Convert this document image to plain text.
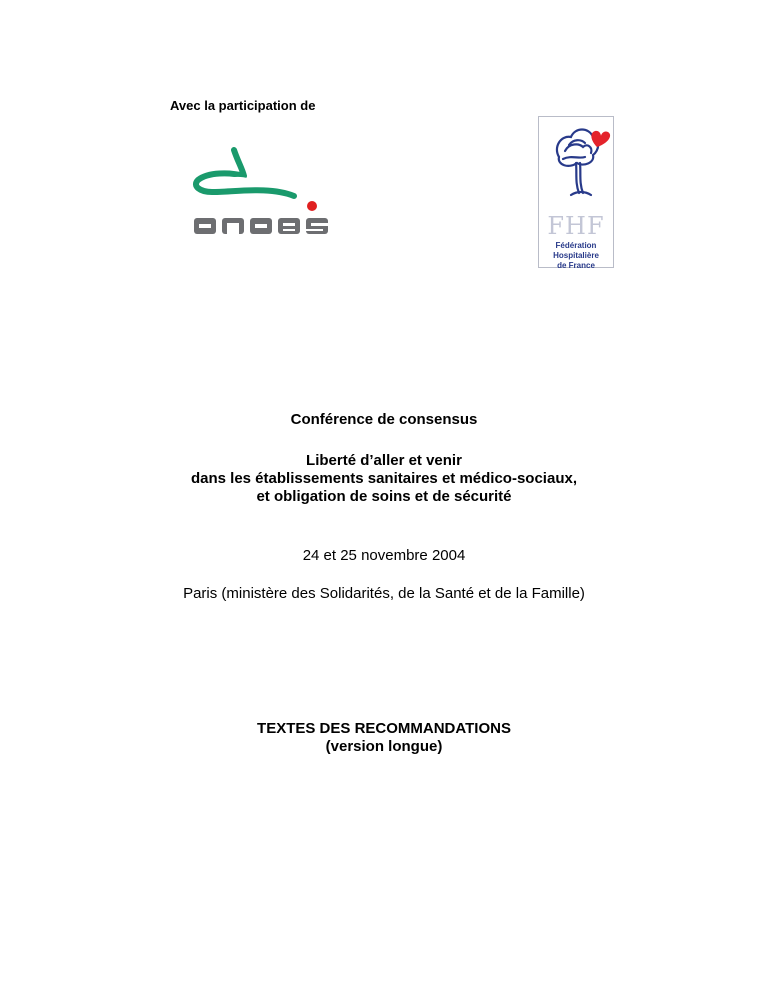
Avec la participation de

FHF
Fédération Hospitalière
de France

Conférence de consensus

Liberté d’aller et venir
dans les établissements sanitaires et médico-sociaux,
et obligation de soins et de sécurité

24 et 25 novembre 2004

Paris (ministère des Solidarités, de la Santé et de la Famille)

TEXTES DES RECOMMANDATIONS
(version longue)
